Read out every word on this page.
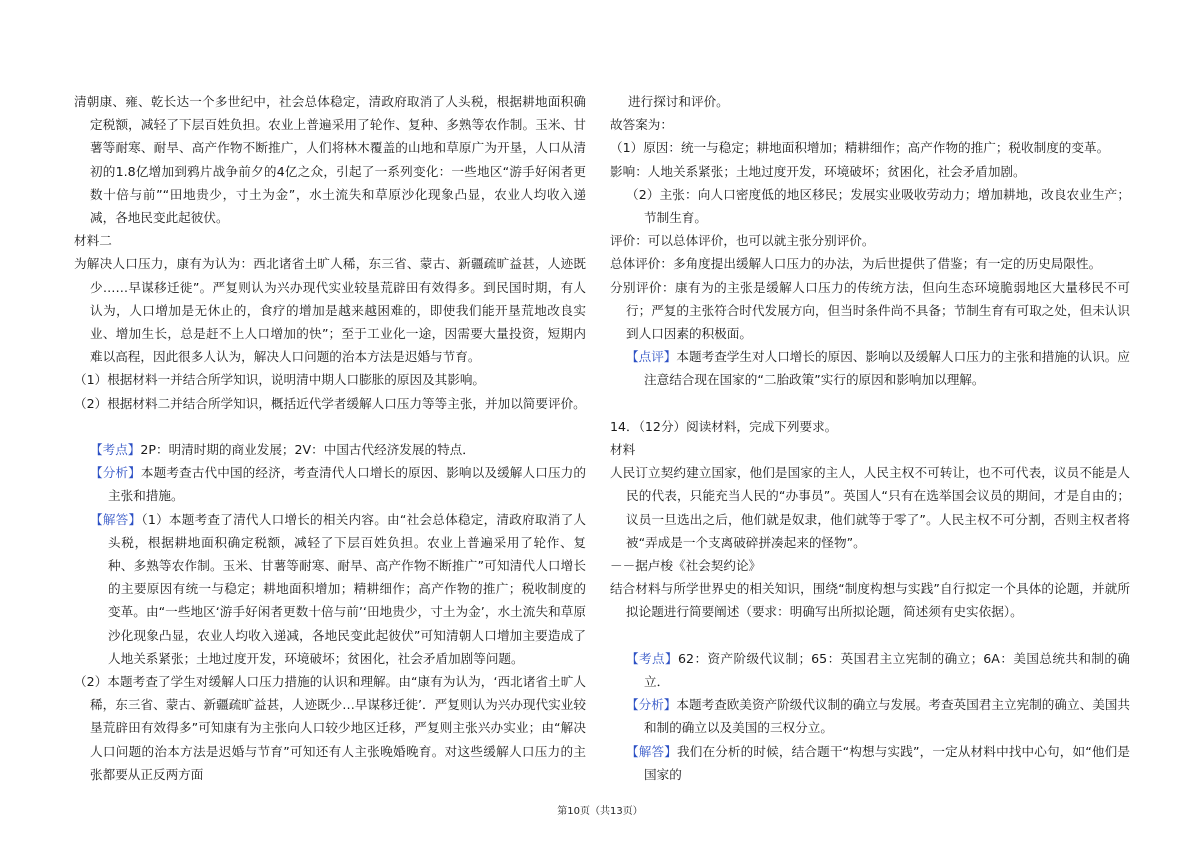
清朝康、雍、乾长达一个多世纪中，社会总体稳定，清政府取消了人头税，根据耕地面积确定税额，减轻了下层百姓负担。农业上普遍采用了轮作、复种、多熟等农作制。玉米、甘薯等耐寒、耐旱、高产作物不断推广，人们将林木覆盖的山地和草原广为开垦，人口从清初的1.8亿增加到鸦片战争前夕的4亿之众，引起了一系列变化：一些地区“游手好闲者更数十倍与前”“田地贵少，寸土为金”，水土流失和草原沙化现象凸显，农业人均收入递减，各地民变此起彼伏。

材料二

为解决人口压力，康有为认为：西北诸省土旷人稀，东三省、蒙古、新疆疏旷益甚，人迹既少……早谋移迁徙”。严复则认为兴办现代实业较垦荒辟田有效得多。到民国时期，有人认为，人口增加是无休止的，食疗的增加是越来越困难的，即使我们能开垦荒地改良实业、增加生长，总是赶不上人口增加的快”；至于工业化一途，因需要大量投资，短期内难以高程，因此很多人认为，解决人口问题的治本方法是迟婚与节育。

（1）根据材料一并结合所学知识，说明清中期人口膨胀的原因及其影响。

（2）根据材料二并结合所学知识，概括近代学者缓解人口压力等等主张，并加以简要评价。

【考点】2P：明清时期的商业发展；2V：中国古代经济发展的特点．

【分析】本题考查古代中国的经济，考查清代人口增长的原因、影响以及缓解人口压力的主张和措施。

【解答】（1）本题考查了清代人口增长的相关内容。由“社会总体稳定，清政府取消了人头税，根据耕地面积确定税额，减轻了下层百姓负担。农业上普遍采用了轮作、复种、多熟等农作制。玉米、甘薯等耐寒、耐旱、高产作物不断推广”可知清代人口增长的主要原因有统一与稳定；耕地面积增加；精耕细作；高产作物的推广；税收制度的变革。由“一些地区‘游手好闲者更数十倍与前’‘田地贵少，寸土为金’，水土流失和草原沙化现象凸显，农业人均收入递减，各地民变此起彼伏”可知清朝人口增加主要造成了人地关系紧张；土地过度开发，环境破坏；贫困化，社会矛盾加剧等问题。

（2）本题考查了学生对缓解人口压力措施的认识和理解。由“康有为认为，‘西北诸省土旷人稀，东三省、蒙古、新疆疏旷益甚，人迹既少…早谋移迁徙’．严复则认为兴办现代实业较垦荒辟田有效得多”可知康有为主张向人口较少地区迁移，严复则主张兴办实业；由“解决人口问题的治本方法是迟婚与节育”可知还有人主张晚婚晚育。对这些缓解人口压力的主张都要从正反两方面

进行探讨和评价。

故答案为：

（1）原因：统一与稳定；耕地面积增加；精耕细作；高产作物的推广；税收制度的变革。

影响：人地关系紧张；土地过度开发，环境破坏；贫困化，社会矛盾加剧。

（2）主张：向人口密度低的地区移民；发展实业吸收劳动力；增加耕地，改良农业生产；节制生育。

评价：可以总体评价，也可以就主张分别评价。

总体评价：多角度提出缓解人口压力的办法，为后世提供了借鉴；有一定的历史局限性。

分别评价：康有为的主张是缓解人口压力的传统方法，但向生态环境脆弱地区大量移民不可行；严复的主张符合时代发展方向，但当时条件尚不具备；节制生育有可取之处，但未认识到人口因素的积极面。

【点评】本题考查学生对人口增长的原因、影响以及缓解人口压力的主张和措施的认识。应注意结合现在国家的“二胎政策”实行的原因和影响加以理解。

14．（12分）阅读材料，完成下列要求。

材料

人民订立契约建立国家，他们是国家的主人，人民主权不可转让，也不可代表，议员不能是人民的代表，只能充当人民的“办事员”。英国人“只有在选举国会议员的期间，才是自由的；议员一旦选出之后，他们就是奴隶，他们就等于零了”。人民主权不可分割，否则主权者将被“弄成是一个支离破碎拼凑起来的怪物”。

－－据卢梭《社会契约论》

结合材料与所学世界史的相关知识，围绕“制度构想与实践”自行拟定一个具体的论题，并就所拟论题进行简要阐述（要求：明确写出所拟论题，简述须有史实依据）。

【考点】62：资产阶级代议制；65：英国君主立宪制的确立；6A：美国总统共和制的确立．

【分析】本题考查欧美资产阶级代议制的确立与发展。考查英国君主立宪制的确立、美国共和制的确立以及美国的三权分立。

【解答】我们在分析的时候，结合题干“构想与实践”，一定从材料中找中心句，如“他们是国家的

第10页（共13页）
